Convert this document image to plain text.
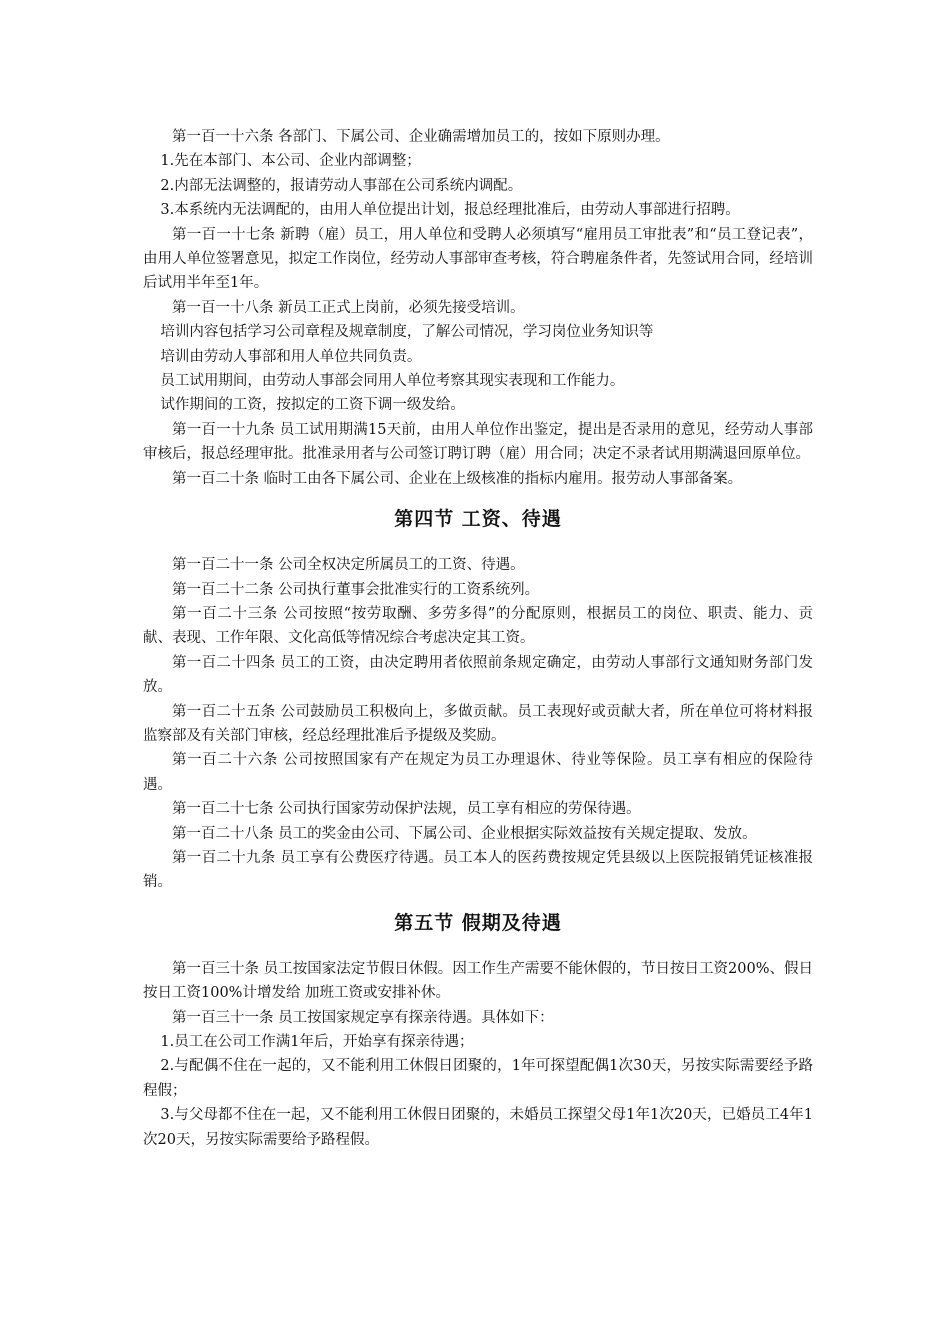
第一百一十六条 各部门、下属公司、企业确需增加员工的，按如下原则办理。

1.先在本部门、本公司、企业内部调整；

2.内部无法调整的，报请劳动人事部在公司系统内调配。

3.本系统内无法调配的，由用人单位提出计划，报总经理批准后，由劳动人事部进行招聘。

第一百一十七条 新聘（雇）员工，用人单位和受聘人必须填写“雇用员工审批表”和“员工登记表”，由用人单位签署意见，拟定工作岗位，经劳动人事部审查考核，符合聘雇条件者，先签试用合同，经培训后试用半年至1年。

第一百一十八条 新员工正式上岗前，必须先接受培训。

培训内容包括学习公司章程及规章制度，了解公司情况，学习岗位业务知识等

培训由劳动人事部和用人单位共同负责。

员工试用期间，由劳动人事部会同用人单位考察其现实表现和工作能力。

试作期间的工资，按拟定的工资下调一级发给。

第一百一十九条 员工试用期满15天前，由用人单位作出鉴定，提出是否录用的意见，经劳动人事部审核后，报总经理审批。批准录用者与公司签订聘订聘（雇）用合同；决定不录者试用期满退回原单位。

第一百二十条 临时工由各下属公司、企业在上级核准的指标内雇用。报劳动人事部备案。

第四节 工资、待遇

第一百二十一条 公司全权决定所属员工的工资、待遇。

第一百二十二条 公司执行董事会批准实行的工资系统列。

第一百二十三条 公司按照“按劳取酬、多劳多得”的分配原则，根据员工的岗位、职责、能力、贡献、表现、工作年限、文化高低等情况综合考虑决定其工资。

第一百二十四条 员工的工资，由决定聘用者依照前条规定确定，由劳动人事部行文通知财务部门发放。

第一百二十五条 公司鼓励员工积极向上，多做贡献。员工表现好或贡献大者，所在单位可将材料报监察部及有关部门审核，经总经理批准后予提级及奖励。

第一百二十六条 公司按照国家有产在规定为员工办理退休、待业等保险。员工享有相应的保险待遇。

第一百二十七条 公司执行国家劳动保护法规，员工享有相应的劳保待遇。

第一百二十八条 员工的奖金由公司、下属公司、企业根据实际效益按有关规定提取、发放。

第一百二十九条 员工享有公费医疗待遇。员工本人的医药费按规定凭县级以上医院报销凭证核准报销。

第五节 假期及待遇

第一百三十条 员工按国家法定节假日休假。因工作生产需要不能休假的，节日按日工资200%、假日按日工资100%计增发给 加班工资或安排补休。

第一百三十一条 员工按国家规定享有探亲待遇。具体如下：

1.员工在公司工作满1年后，开始享有探亲待遇；

2.与配偶不住在一起的，又不能利用工休假日团聚的，1年可探望配偶1次30天，另按实际需要经予路程假；

3.与父母都不住在一起，又不能利用工休假日团聚的，未婚员工探望父母1年1次20天，已婚员工4年1次20天，另按实际需要给予路程假。
